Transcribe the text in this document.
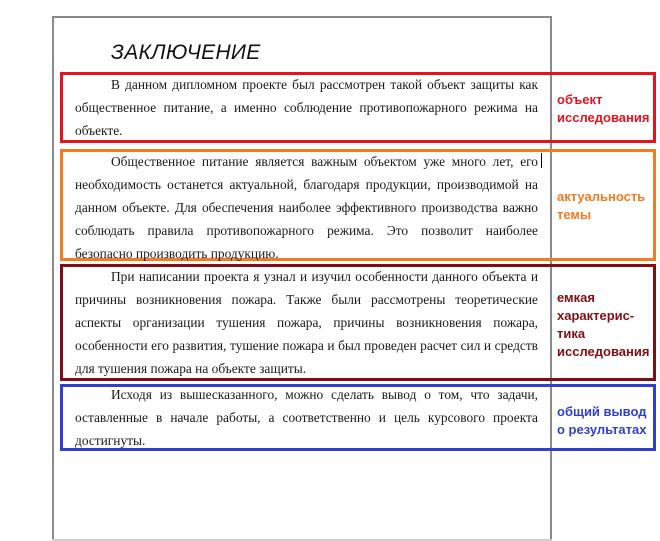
ЗАКЛЮЧЕНИЕ

В данном дипломном проекте был рассмотрен такой объект защиты как общественное питание, а именно соблюдение противопожарного режима на объекте.

Общественное питание является важным объектом уже много лет, его необходимость останется актуальной, благодаря продукции, производимой на данном объекте. Для обеспечения наиболее эффективного производства важно соблюдать правила противопожарного режима. Это позволит наиболее безопасно производить продукцию.

При написании проекта я узнал и изучил особенности данного объекта и причины возникновения пожара. Также были рассмотрены теоретические аспекты организации тушения пожара, причины возникновения пожара, особенности его развития, тушение пожара и был проведен расчет сил и средств для тушения пожара на объекте защиты.

Исходя из вышесказанного, можно сделать вывод о том, что задачи, оставленные в начале работы, а соответственно и цель курсового проекта достигнуты.

объект исследования
актуальность темы
емкая характерис-тика исследования
общий вывод о результатах
